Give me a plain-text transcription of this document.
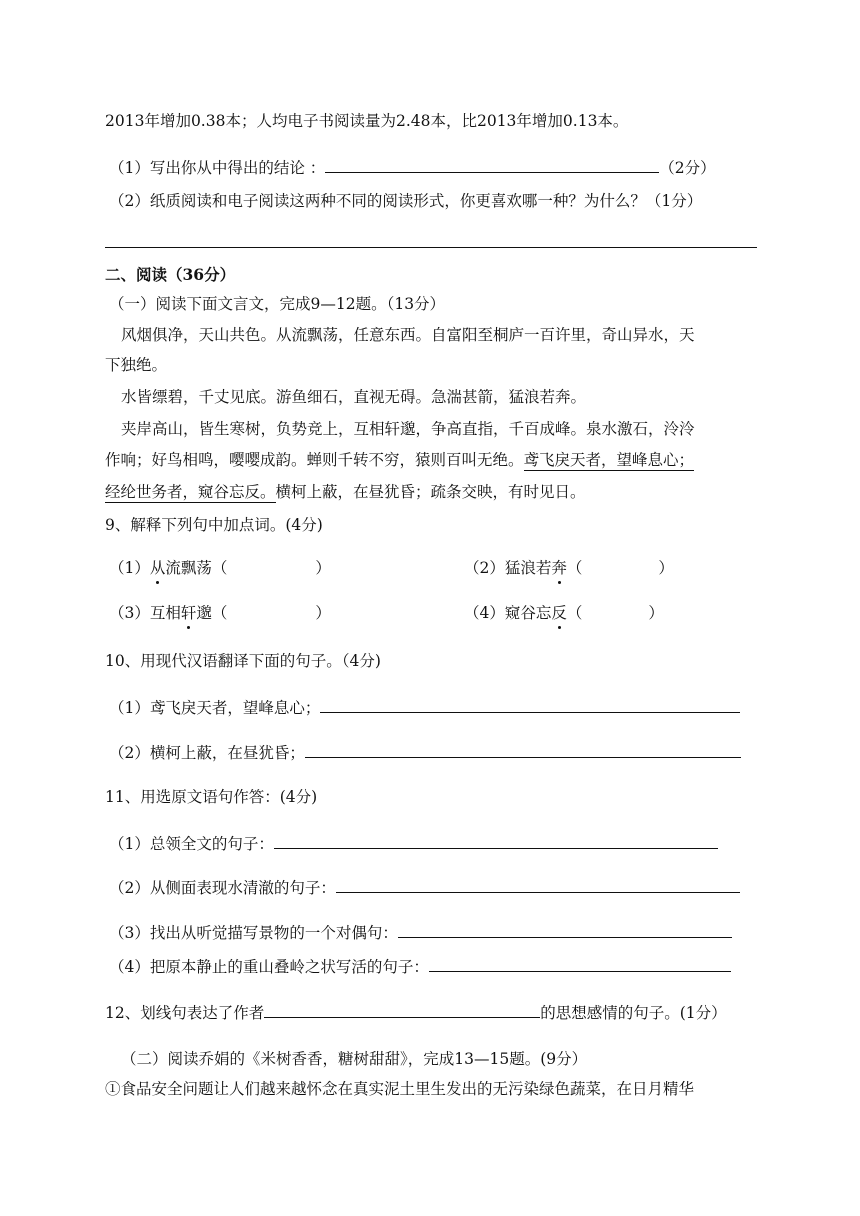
2013年增加0.38本；人均电子书阅读量为2.48本，比2013年增加0.13本。
（1）写出你从中得出的结论 ：	（2分）
（2）纸质阅读和电子阅读这两种不同的阅读形式，你更喜欢哪一种？为什么？（1分）
二、阅读（36分）
（一）阅读下面文言文，完成9—12题。（13分）
风烟俱净，天山共色。从流飘荡，任意东西。自富阳至桐庐一百许里，奇山异水，天
下独绝。
水皆缥碧，千丈见底。游鱼细石，直视无碍。急湍甚箭，猛浪若奔。
夹岸高山，皆生寒树，负势竞上，互相轩邈，争高直指，千百成峰。泉水激石，泠泠
作响；好鸟相鸣，嘤嘤成韵。蝉则千转不穷，猿则百叫无绝。鸢飞戾天者，望峰息心；
经纶世务者，窥谷忘反。横柯上蔽，在昼犹昏；疏条交映，有时见日。
9、解释下列句中加点词。(4分)
（1）从流飘荡（	）	（2）猛浪若奔（	）
（3）互相轩邈（	）	（4）窥谷忘反（	）
10、用现代汉语翻译下面的句子。（4分)
（1）鸢飞戾天者，望峰息心；
（2）横柯上蔽，在昼犹昏；
11、用选原文语句作答：(4分)
（1）总领全文的句子：
（2）从侧面表现水清澈的句子：
（3）找出从听觉描写景物的一个对偶句：
（4）把原本静止的重山叠岭之状写活的句子：
12、划线句表达了作者	的思想感情的句子。(1分）
（二）阅读乔娟的《米树香香，糖树甜甜》，完成13—15题。(9分）
①食品安全问题让人们越来越怀念在真实泥土里生发出的无污染绿色蔬菜，在日月精华
